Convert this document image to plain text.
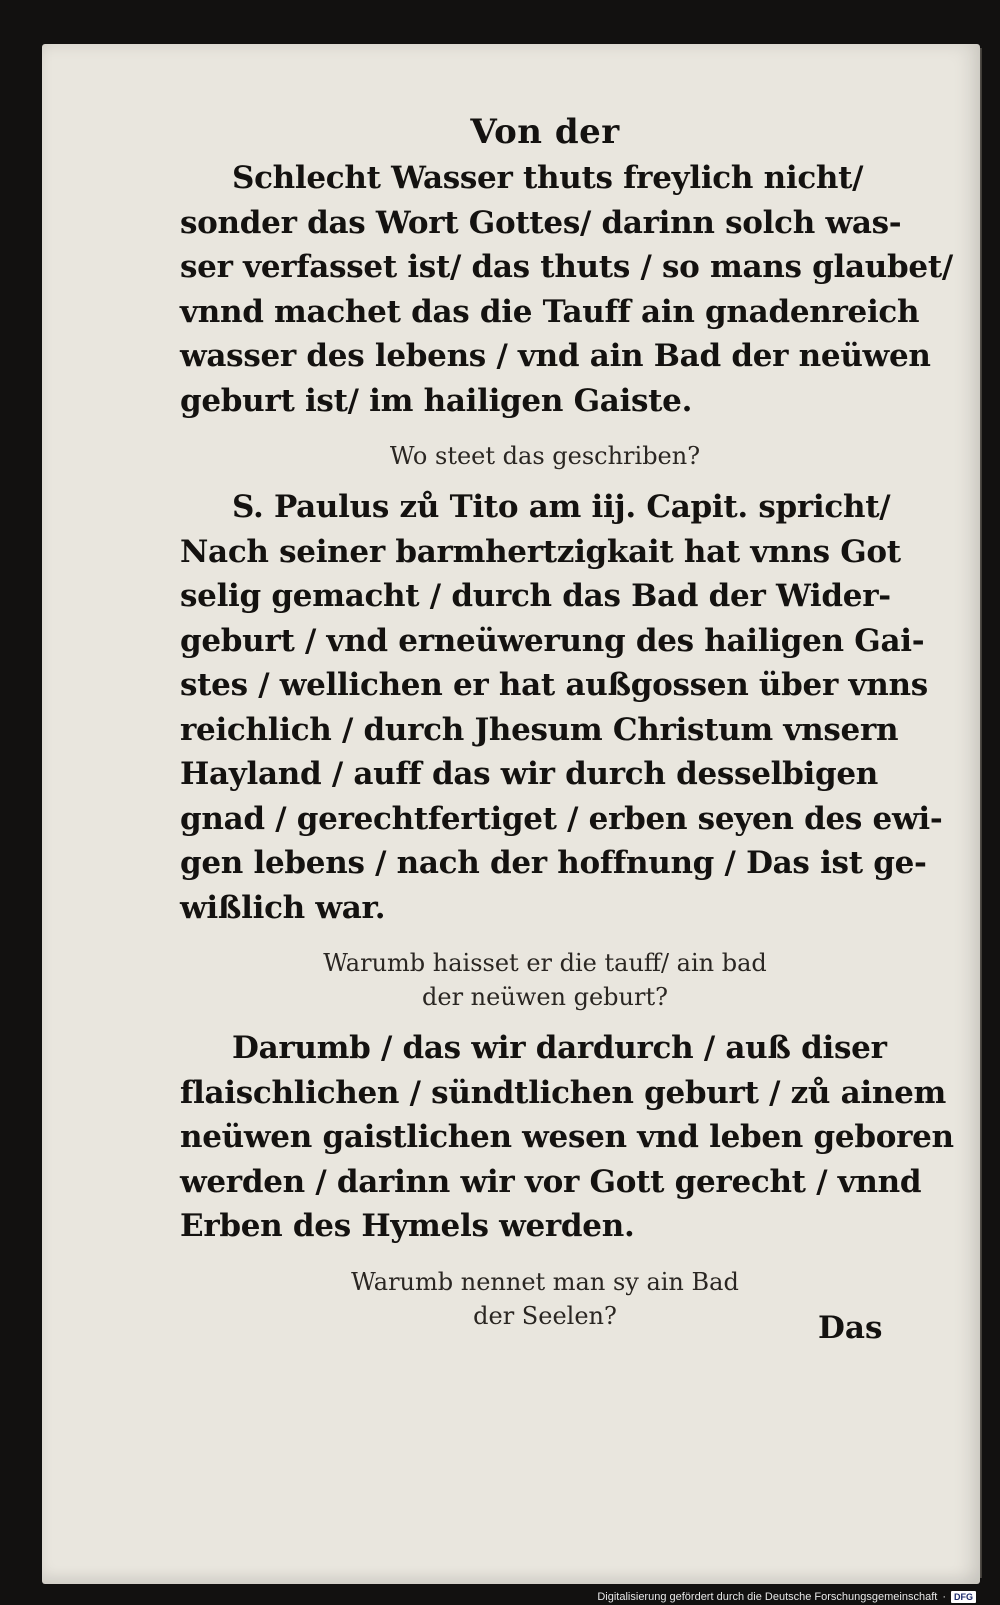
Von der
Schlecht Wasser thuts freylich nicht/
sonder das Wort Gottes/ darinn solch was-
ser verfasset ist/ das thuts / so mans glaubet/
vnnd machet das die Tauff ain gnadenreich
wasser des lebens / vnd ain Bad der neüwen
geburt ist/ im hailigen Gaiste.
Wo steet das geschriben?
S. Paulus zů Tito am iij. Capit. spricht/
Nach seiner barmhertzigkait hat vnns Got
selig gemacht / durch das Bad der Wider-
geburt / vnd erneüwerung des hailigen Gai-
stes / wellichen er hat außgossen über vnns
reichlich / durch Jhesum Christum vnsern
Hayland / auff das wir durch desselbigen
gnad / gerechtfertiget / erben seyen des ewi-
gen lebens / nach der hoffnung / Das ist ge-
wißlich war.
Warumb haisset er die tauff/ ain bad
der neüwen geburt?
Darumb / das wir dardurch / auß diser
flaischlichen / sündtlichen geburt / zů ainem
neüwen gaistlichen wesen vnd leben geboren
werden / darinn wir vor Gott gerecht / vnnd
Erben des Hymels werden.
Warumb nennet man sy ain Bad
der Seelen?	Das
Digitalisierung gefördert durch die Deutsche Forschungsgemeinschaft · DFG
